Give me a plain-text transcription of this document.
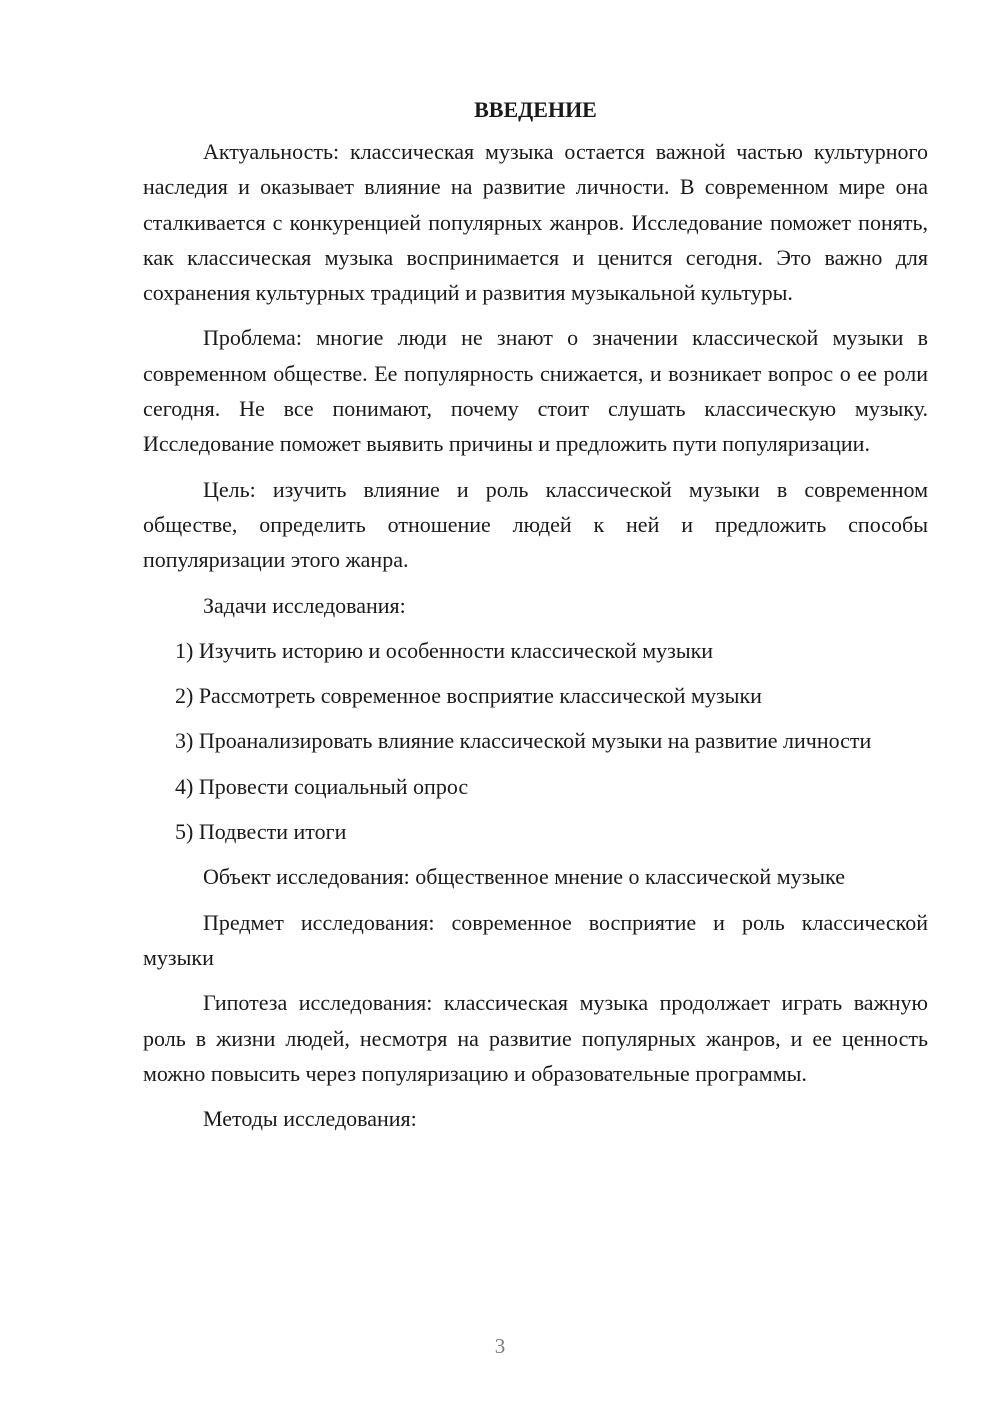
ВВЕДЕНИЕ

Актуальность: классическая музыка остается важной частью культурного наследия и оказывает влияние на развитие личности. В современном мире она сталкивается с конкуренцией популярных жанров. Исследование поможет понять, как классическая музыка воспринимается и ценится сегодня. Это важно для сохранения культурных традиций и развития музыкальной культуры.

Проблема: многие люди не знают о значении классической музыки в современном обществе. Ее популярность снижается, и возникает вопрос о ее роли сегодня. Не все понимают, почему стоит слушать классическую музыку. Исследование поможет выявить причины и предложить пути популяризации.

Цель: изучить влияние и роль классической музыки в современном обществе, определить отношение людей к ней и предложить способы популяризации этого жанра.

Задачи исследования:

1) Изучить историю и особенности классической музыки

2) Рассмотреть современное восприятие классической музыки

3) Проанализировать влияние классической музыки на развитие личности

4) Провести социальный опрос

5) Подвести итоги

Объект исследования: общественное мнение о классической музыке

Предмет исследования: современное восприятие и роль классической музыки

Гипотеза исследования: классическая музыка продолжает играть важную роль в жизни людей, несмотря на развитие популярных жанров, и ее ценность можно повысить через популяризацию и образовательные программы.

Методы исследования:

3
